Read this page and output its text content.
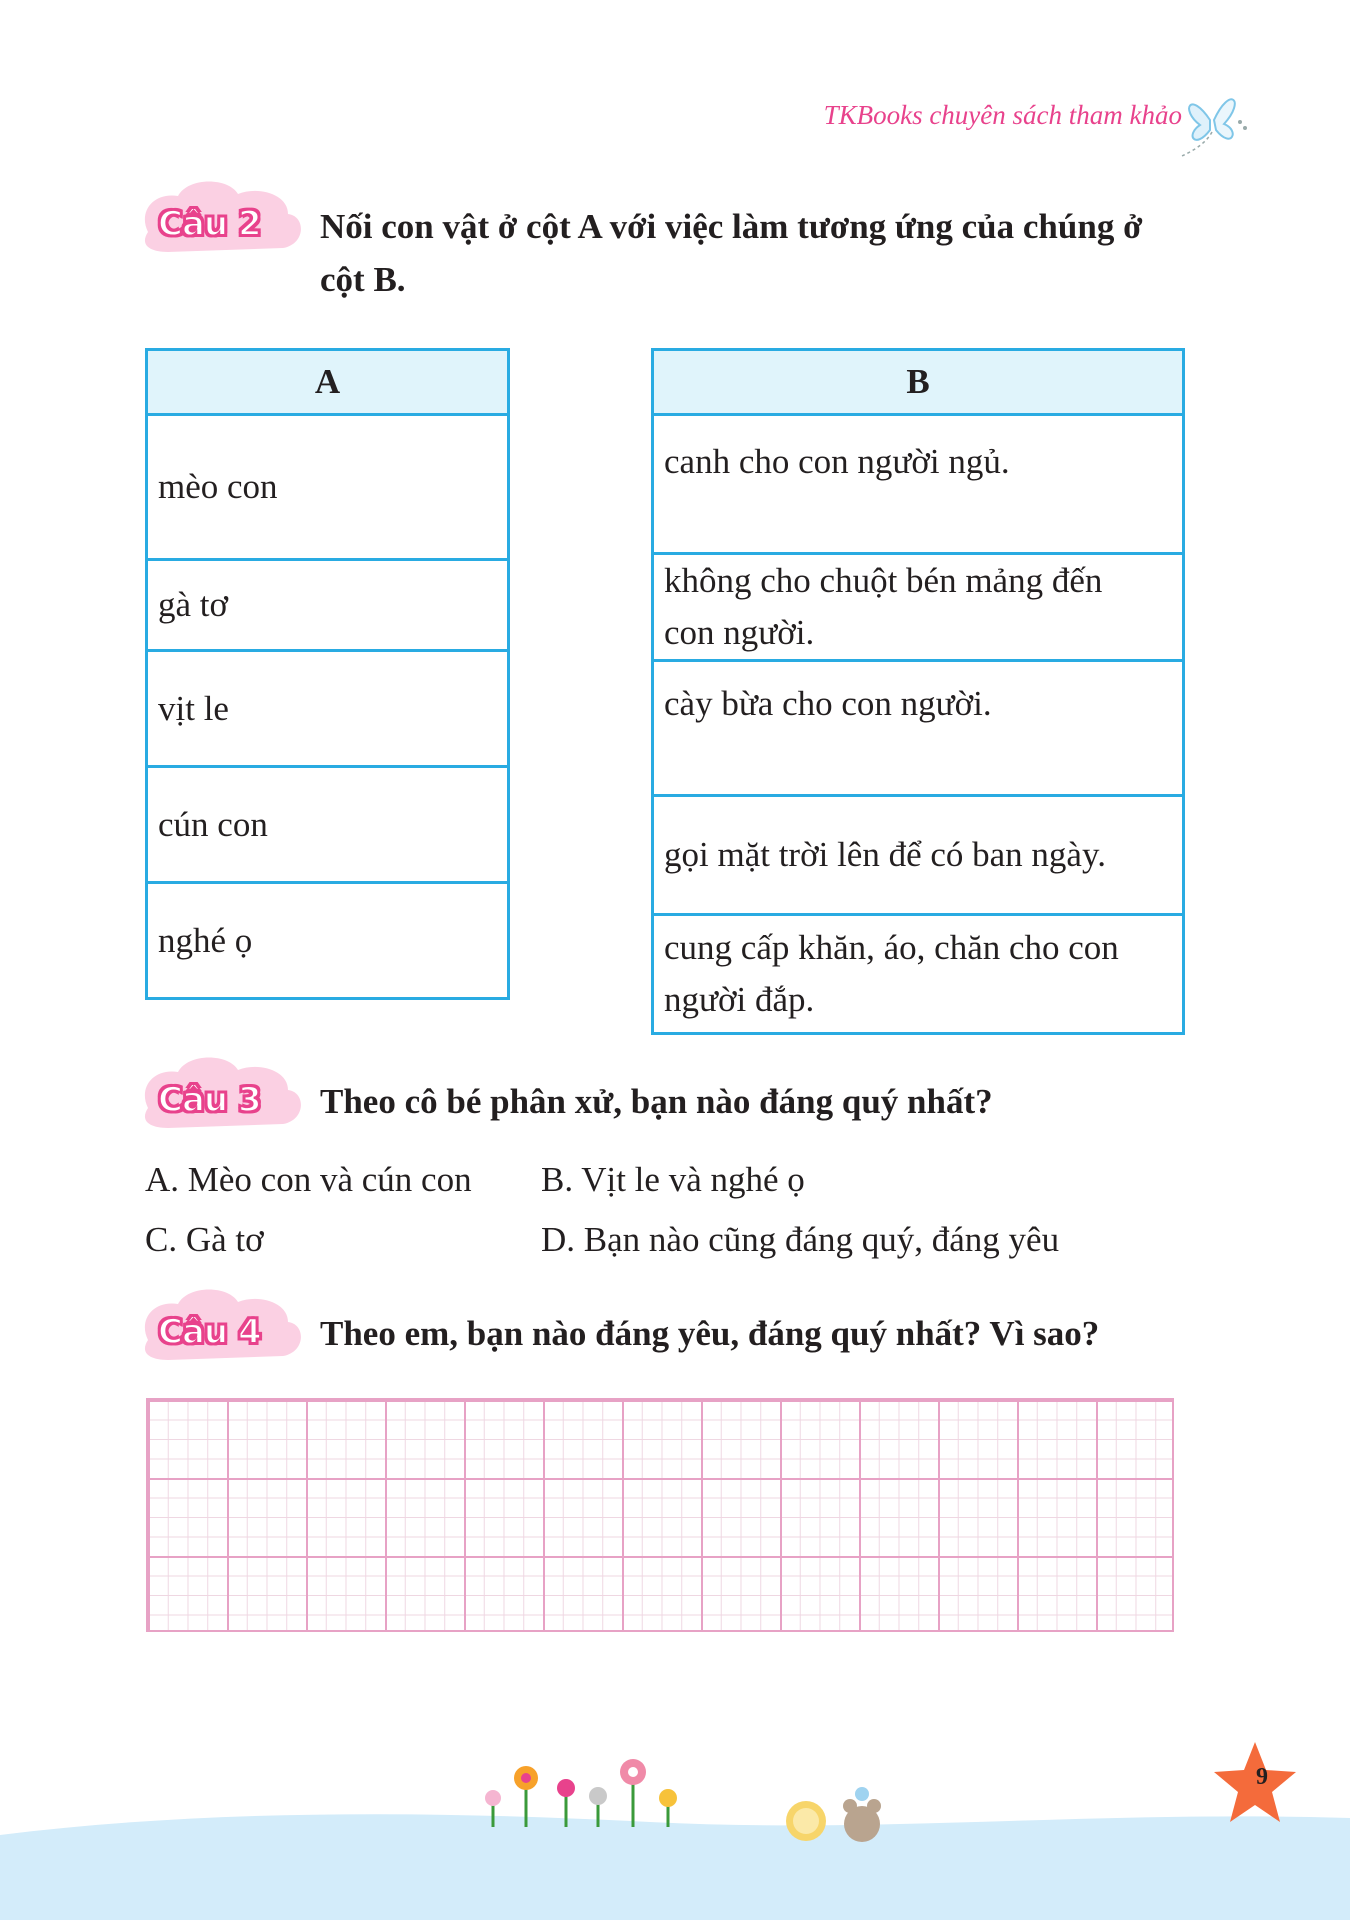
TKBooks chuyên sách tham khảo
Câu 2 Nối con vật ở cột A với việc làm tương ứng của chúng ở
cột B.
A
mèo con
gà tơ
vịt le
cún con
nghé ọ
B

canh cho con người ngủ.

không cho chuột bén mảng đến
con người.

cày bừa cho con người.

gọi mặt trời lên để có ban ngày.

cung cấp khăn, áo, chăn cho con
người đắp.
Câu 3 Theo cô bé phân xử, bạn nào đáng quý nhất?
A. Mèo con và cún con B. Vịt le và nghé ọ
C. Gà tơ	D. Bạn nào cũng đáng quý, đáng yêu
Câu 4 Theo em, bạn nào đáng yêu, đáng quý nhất? Vì sao?
9
